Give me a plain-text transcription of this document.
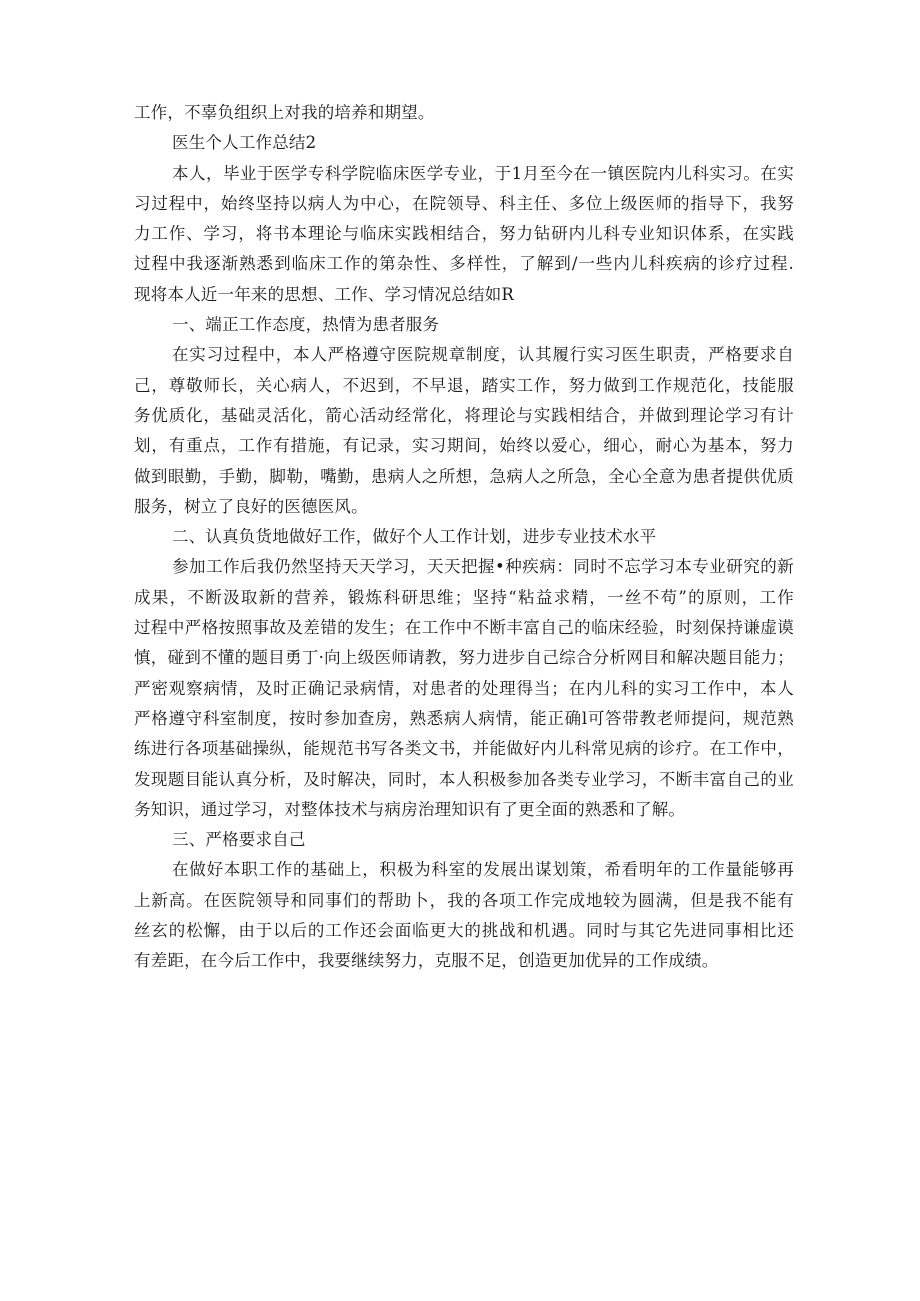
工作，不辜负组织上对我的培养和期望。
医生个人工作总结2
本人，毕业于医学专科学院临床医学专业，于1月至今在一镇医院内儿科实习。在实
习过程中，始终坚持以病人为中心，在院领导、科主任、多位上级医师的指导下，我努
力工作、学习，将书本理论与临床实践相结合，努力钻研内儿科专业知识体系，在实践
过程中我逐渐熟悉到临床工作的第杂性、多样性，了解到/一些内儿科疾病的诊疗过程.
现将本人近一年来的思想、工作、学习情况总结如R
一、端正工作态度，热情为患者服务
在实习过程中，本人严格遵守医院规章制度，认其履行实习医生职责，严格要求自
己，尊敬师长，关心病人，不迟到，不早退，踏实工作，努力做到工作规范化，技能服
务优质化，基础灵活化，箭心活动经常化，将理论与实践相结合，并做到理论学习有计
划，有重点，工作有措施，有记录，实习期间，始终以爱心，细心，耐心为基本，努力
做到眼勤，手勤，脚勒，嘴勤，患病人之所想，急病人之所急，全心全意为患者提供优质
服务，树立了良好的医德医风。
二、认真负货地做好工作，做好个人工作计划，进步专业技术水平
参加工作后我仍然坚持天天学习，天天把握•种疾病：同时不忘学习本专业研究的新
成果，不断汲取新的营养，锻炼科研思维；坚持“粘益求精，一丝不苟”的原则，工作
过程中严格按照事故及差错的发生；在工作中不断丰富自己的临床经验，时刻保持谦虚谟
慎，碰到不懂的题目勇丁·向上级医师请教，努力进步自己综合分析网目和解决题目能力；
严密观察病情，及时正确记录病情，对患者的处理得当；在内儿科的实习工作中，本人
严格遵守科室制度，按时参加查房，熟悉病人病情，能正确l可答带教老师提问，规范熟
练进行各项基础操纵，能规范书写各类文书，并能做好内儿科常见病的诊疗。在工作中，
发现题目能认真分析，及时解决，同时，本人积极参加各类专业学习，不断丰富自己的业
务知识，通过学习，对整体技术与病房治理知识有了更全面的熟悉和了解。
三、严格要求自己
在做好本职工作的基础上，积极为科室的发展出谋划策，希看明年的工作量能够再
上新高。在医院领导和同事们的帮助卜，我的各项工作完成地较为圆满，但是我不能有
丝玄的松懈，由于以后的工作还会面临更大的挑战和机遇。同时与其它先进同事相比还
有差距，在今后工作中，我要继续努力，克服不足，创造更加优异的工作成绩。
